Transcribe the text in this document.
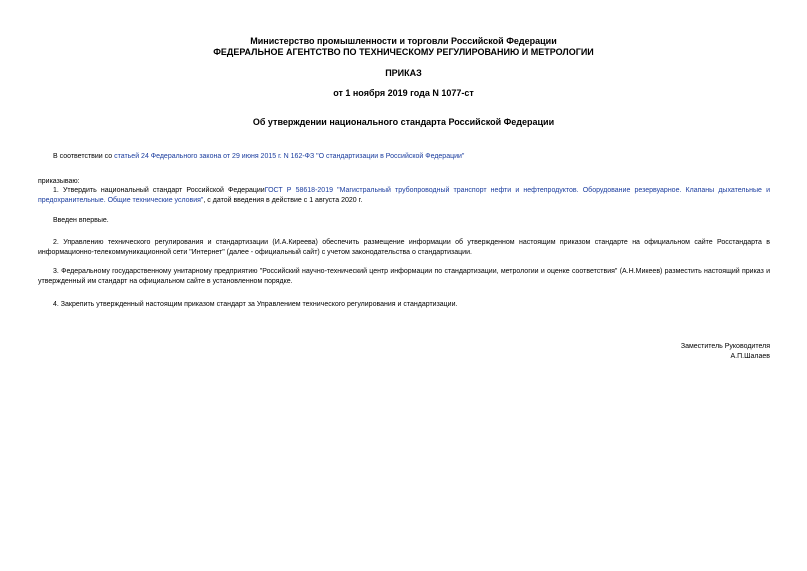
Министерство промышленности и торговли Российской Федерации
ФЕДЕРАЛЬНОЕ АГЕНТСТВО ПО ТЕХНИЧЕСКОМУ РЕГУЛИРОВАНИЮ И МЕТРОЛОГИИ
ПРИКАЗ
от 1 ноября 2019 года N 1077-ст
Об утверждении национального стандарта Российской Федерации
В соответствии со статьей 24 Федерального закона от 29 июня 2015 г. N 162-ФЗ "О стандартизации в Российской Федерации"
приказываю:
1. Утвердить национальный стандарт Российской ФедерацииГОСТ Р 58618-2019 "Магистральный трубопроводный транспорт нефти и нефтепродуктов. Оборудование резервуарное. Клапаны дыхательные и предохранительные. Общие технические условия", с датой введения в действие с 1 августа 2020 г.
Введен впервые.
2. Управлению технического регулирования и стандартизации (И.А.Киреева) обеспечить размещение информации об утвержденном настоящим приказом стандарте на официальном сайте Росстандарта в информационно-телекоммуникационной сети "Интернет" (далее - официальный сайт) с учетом законодательства о стандартизации.
3. Федеральному государственному унитарному предприятию "Российский научно-технический центр информации по стандартизации, метрологии и оценке соответствия" (А.Н.Микеев) разместить настоящий приказ и утвержденный им стандарт на официальном сайте в установленном порядке.
4. Закрепить утвержденный настоящим приказом стандарт за Управлением технического регулирования и стандартизации.
Заместитель Руководителя
А.П.Шалаев
